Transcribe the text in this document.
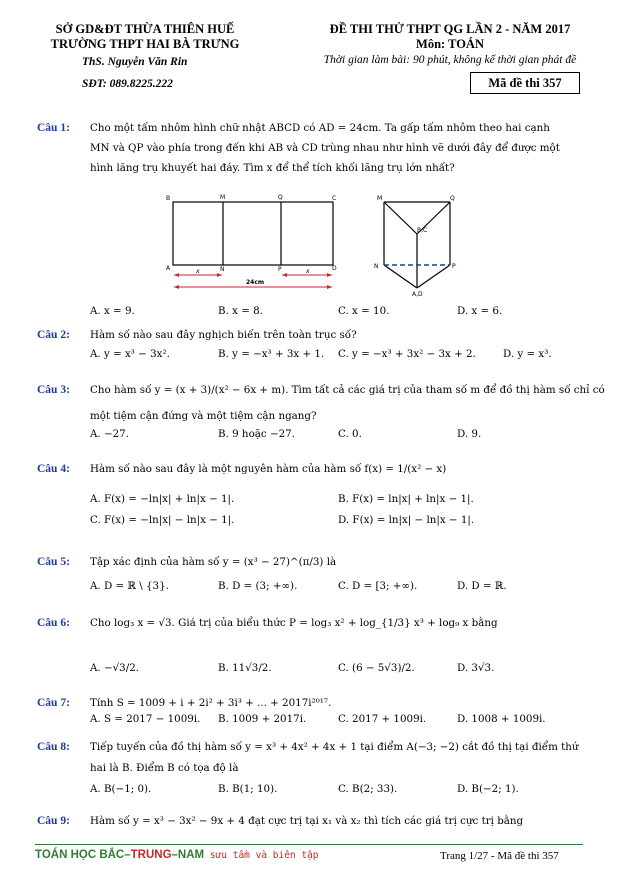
SỞ GD&ĐT THỪA THIÊN HUẾ
TRƯỜNG THPT HAI BÀ TRƯNG
ThS. Nguyễn Văn Rin
SĐT: 089.8225.222
ĐỀ THI THỬ THPT QG LẦN 2 - NĂM 2017
Môn: TOÁN
Thời gian làm bài: 90 phút, không kể thời gian phát đề
Mã đề thi 357
Câu 1: Cho một tấm nhôm hình chữ nhật ABCD có AD = 24cm. Ta gấp tấm nhôm theo hai cạnh
MN và QP vào phía trong đến khi AB và CD trùng nhau như hình vẽ dưới đây để được một
hình lăng trụ khuyết hai đáy. Tìm x để thể tích khối lăng trụ lớn nhất?
B	M	Q	C
A	N	P	D
x	x
24cm
M	Q
B,C
N	P
A,D
A. x = 9.	B. x = 8.	C. x = 10.	D. x = 6.
Câu 2: Hàm số nào sau đây nghịch biến trên toàn trục số?
A. y = x³ − 3x².	B. y = −x³ + 3x + 1. C. y = −x³ + 3x² − 3x + 2.	D. y = x³.
Câu 3: Cho hàm số y = (x + 3)/(x² − 6x + m). Tìm tất cả các giá trị của tham số m để đồ thị hàm số chỉ có
một tiệm cận đứng và một tiệm cận ngang?
A. −27.	B. 9 hoặc −27.	C. 0.	D. 9.
Câu 4: Hàm số nào sau đây là một nguyên hàm của hàm số f(x) = 1/(x² − x)
A. F(x) = −ln|x| + ln|x − 1|.	B. F(x) = ln|x| + ln|x − 1|.
C. F(x) = −ln|x| − ln|x − 1|.	D. F(x) = ln|x| − ln|x − 1|.
Câu 5: Tập xác định của hàm số y = (x³ − 27)^(π/3) là
A. D = ℝ \ {3}.	B. D = (3; +∞).	C. D = [3; +∞).	D. D = ℝ.
Câu 6: Cho log₃ x = √3. Giá trị của biểu thức P = log₃ x² + log_{1/3} x³ + log₉ x bằng
A. −√3/2.	B. 11√3/2.	C. (6 − 5√3)/2.	D. 3√3.
Câu 7: Tính S = 1009 + i + 2i² + 3i³ + ... + 2017i²⁰¹⁷.
A. S = 2017 − 1009i. B. 1009 + 2017i.	C. 2017 + 1009i.	D. 1008 + 1009i.
Câu 8: Tiếp tuyến của đồ thị hàm số y = x³ + 4x² + 4x + 1 tại điểm A(−3; −2) cắt đồ thị tại điểm thứ
hai là B. Điểm B có tọa độ là
A. B(−1; 0).	B. B(1; 10).	C. B(2; 33).	D. B(−2; 1).
Câu 9: Hàm số y = x³ − 3x² − 9x + 4 đạt cực trị tại x₁ và x₂ thì tích các giá trị cực trị bằng
TOÁN HỌC BẮC–TRUNG–NAM sưu tầm và biên tập	Trang 1/27 - Mã đề thi 357
